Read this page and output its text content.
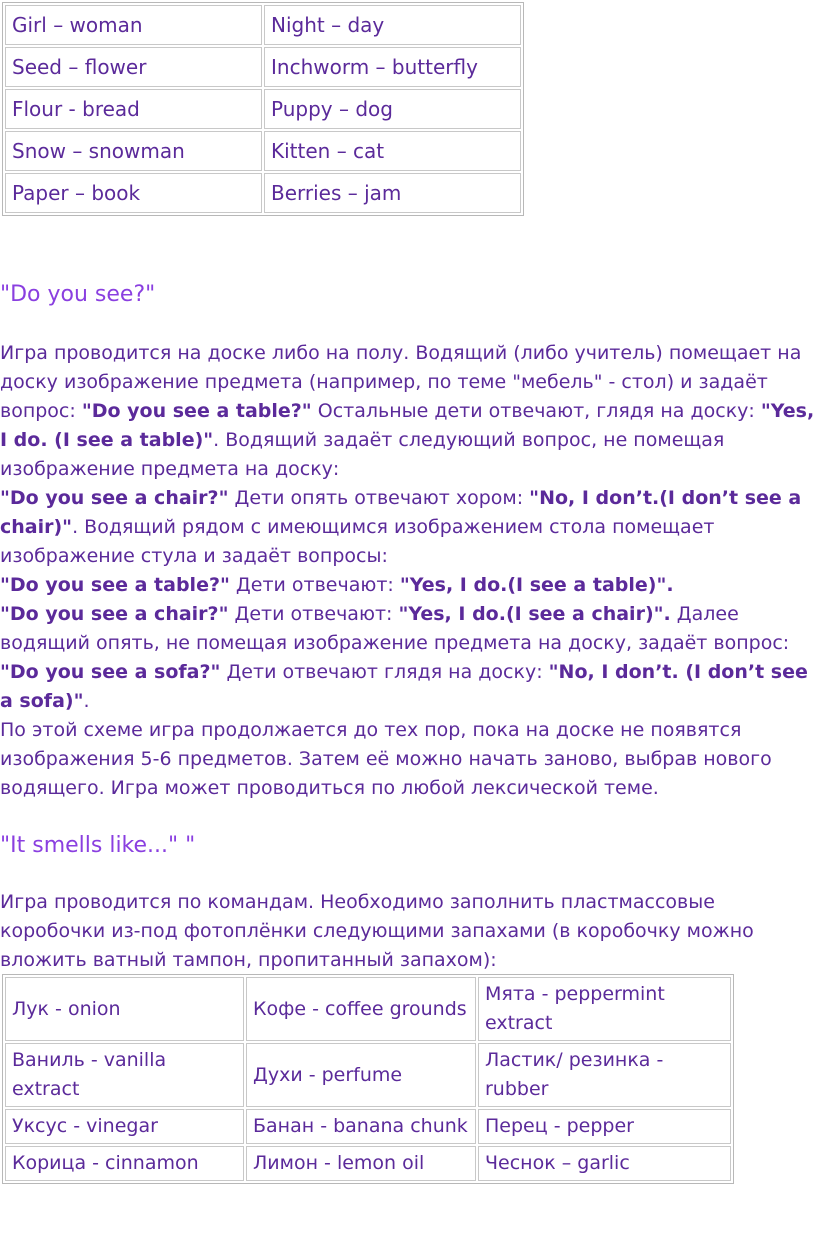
Girl – woman	Night – day
Seed – flower	Inchworm – butterfly
Flour - bread	Puppy – dog
Snow – snowman	Kitten – cat
Paper – book	Berries – jam
"Do you see?"

Игра проводится на доске либо на полу. Водящий (либо учитель) помещает на доску изображение предмета (например, по теме "мебель" - стол) и задаёт вопрос: "Do you see a table?" Остальные дети отвечают, глядя на доску: "Yes, I do. (I see a table)". Водящий задаёт следующий вопрос, не помещая изображение предмета на доску:
"Do you see a chair?" Дети опять отвечают хором: "No, I don’t.(I don’t see a chair)". Водящий рядом с имеющимся изображением стола помещает изображение стула и задаёт вопросы:
"Do you see a table?" Дети отвечают: "Yes, I do.(I see a table)".
"Do you see a chair?" Дети отвечают: "Yes, I do.(I see a chair)". Далее водящий опять, не помещая изображение предмета на доску, задаёт вопрос: "Do you see a sofa?" Дети отвечают глядя на доску: "No, I don’t. (I don’t see a sofa)".
По этой схеме игра продолжается до тех пор, пока на доске не появятся изображения 5-6 предметов. Затем её можно начать заново, выбрав нового водящего. Игра может проводиться по любой лексической теме.

"It smells like..." "

Игра проводится по командам. Необходимо заполнить пластмассовые коробочки из-под фотоплёнки следующими запахами (в коробочку можно вложить ватный тампон, пропитанный запахом):

Лук - onion	Кофе - coffee grounds	Мята - peppermint extract
Ваниль - vanilla extract	Духи - perfume	Ластик/ резинка - rubber
Уксус - vinegar	Банан - banana chunk	Перец - pepper
Корица - cinnamon	Лимон - lemon oil	Чеснок – garlic
